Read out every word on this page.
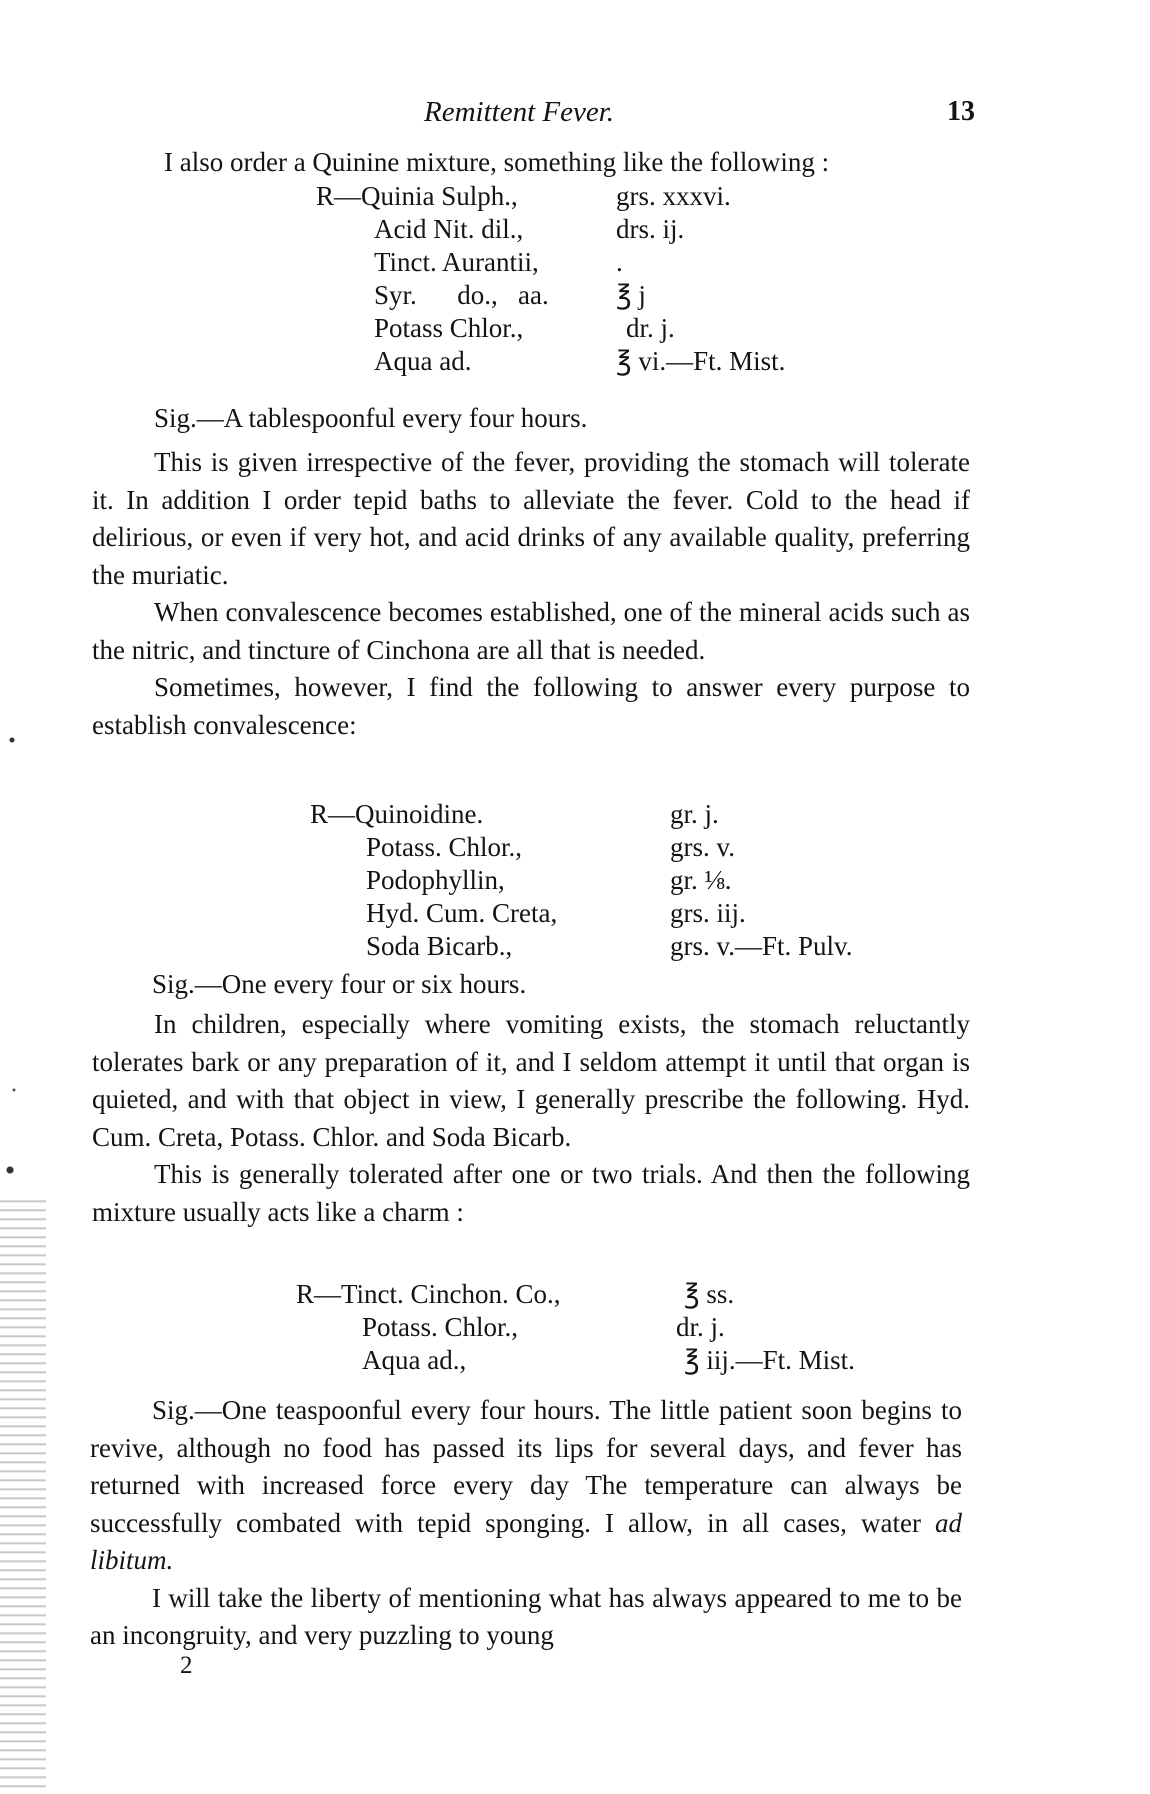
Remittent Fever.	13

I also order a Quinine mixture, something like the following :

R—Quinia Sulph.,	grs. xxxvi.
Acid Nit. dil.,	drs. ij.
Tinct. Aurantii,	.
Syr.      do.,   aa. ℥ j
Potass Chlor.,	dr. j.
Aqua ad.	℥ vi.—Ft. Mist.
Sig.—A tablespoonful every four hours.

This is given irrespective of the fever, providing the stomach will tolerate it. In addition I order tepid baths to alleviate the fever. Cold to the head if delirious, or even if very hot, and acid drinks of any available quality, preferring the muriatic.

When convalescence becomes established, one of the mineral acids such as the nitric, and tincture of Cinchona are all that is needed.

Sometimes, however, I find the following to answer every purpose to establish convalescence:

R—Quinoidine.	gr. j.
Potass. Chlor.,	grs. v.
Podophyllin,	gr. ⅛.
Hyd. Cum. Creta,	grs. iij.
Soda Bicarb.,	grs. v.—Ft. Pulv.
Sig.—One every four or six hours.

In children, especially where vomiting exists, the stomach reluctantly tolerates bark or any preparation of it, and I seldom attempt it until that organ is quieted, and with that object in view, I generally prescribe the following. Hyd. Cum. Creta, Potass. Chlor. and Soda Bicarb.

This is generally tolerated after one or two trials. And then the following mixture usually acts like a charm :

R—Tinct. Cinchon. Co.,	℥ ss.
Potass. Chlor.,	dr. j.
Aqua ad.,	℥ iij.—Ft. Mist.

Sig.—One teaspoonful every four hours. The little patient soon begins to revive, although no food has passed its lips for several days, and fever has returned with increased force every day The temperature can always be successfully combated with tepid sponging. I allow, in all cases, water ad libitum.

I will take the liberty of mentioning what has always appeared to me to be an incongruity, and very puzzling to young

2
